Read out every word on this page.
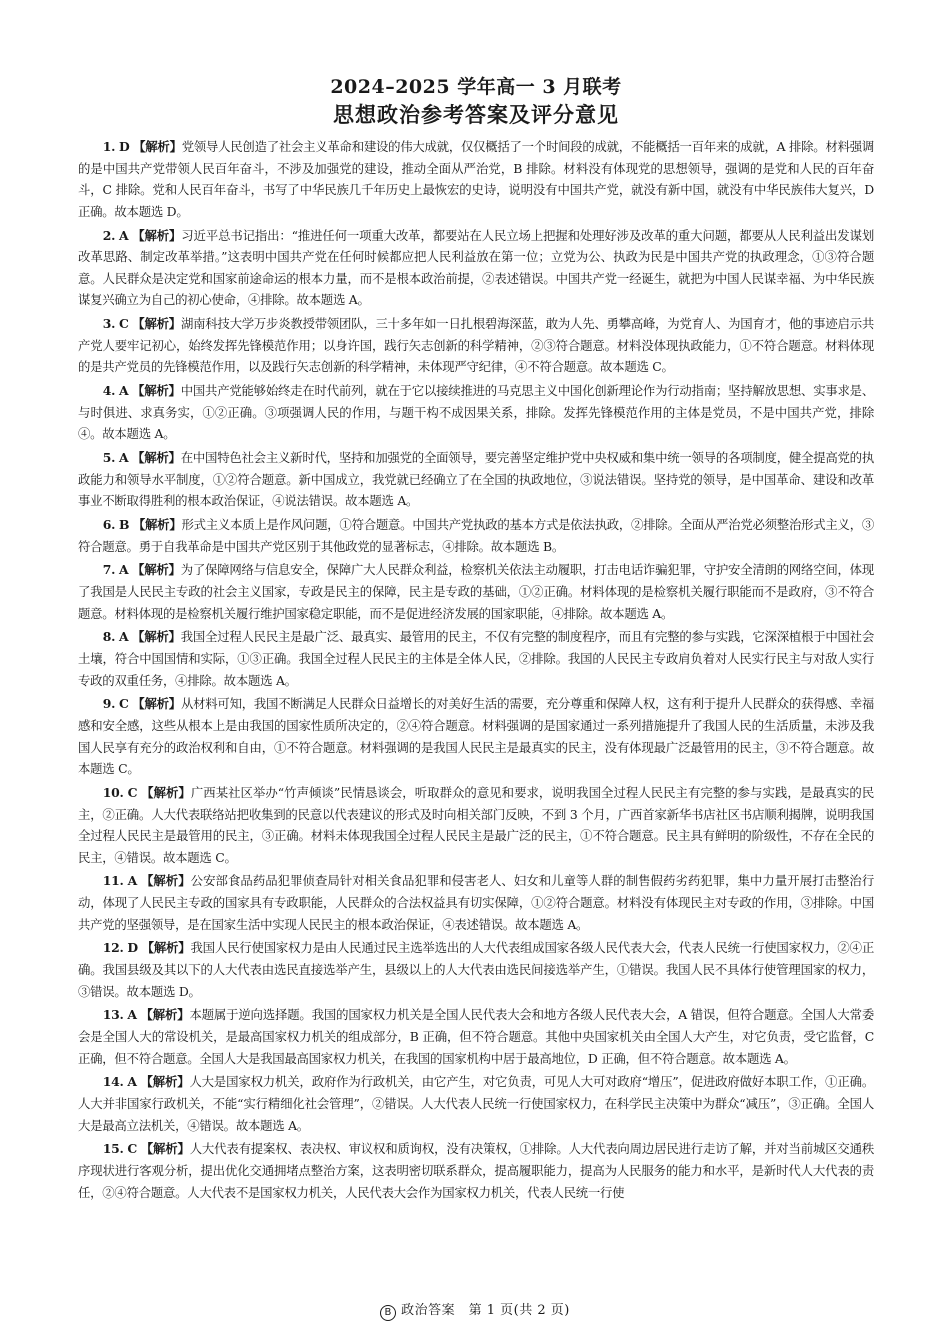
2024–2025 学年高一 3 月联考
思想政治参考答案及评分意见

1. D 【解析】党领导人民创造了社会主义革命和建设的伟大成就，仅仅概括了一个时间段的成就，不能概括一百年来的成就，A 排除。材料强调的是中国共产党带领人民百年奋斗，不涉及加强党的建设，推动全面从严治党，B 排除。材料没有体现党的思想领导，强调的是党和人民的百年奋斗，C 排除。党和人民百年奋斗，书写了中华民族几千年历史上最恢宏的史诗，说明没有中国共产党，就没有新中国，就没有中华民族伟大复兴，D 正确。故本题选 D。

2. A 【解析】习近平总书记指出：“推进任何一项重大改革，都要站在人民立场上把握和处理好涉及改革的重大问题，都要从人民利益出发谋划改革思路、制定改革举措。”这表明中国共产党在任何时候都应把人民利益放在第一位；立党为公、执政为民是中国共产党的执政理念，①③符合题意。人民群众是决定党和国家前途命运的根本力量，而不是根本政治前提，②表述错误。中国共产党一经诞生，就把为中国人民谋幸福、为中华民族谋复兴确立为自己的初心使命，④排除。故本题选 A。

3. C 【解析】湖南科技大学万步炎教授带领团队，三十多年如一日扎根碧海深蓝，敢为人先、勇攀高峰，为党育人、为国育才，他的事迹启示共产党人要牢记初心，始终发挥先锋模范作用；以身许国，践行矢志创新的科学精神，②③符合题意。材料没体现执政能力，①不符合题意。材料体现的是共产党员的先锋模范作用，以及践行矢志创新的科学精神，未体现严守纪律，④不符合题意。故本题选 C。

4. A 【解析】中国共产党能够始终走在时代前列，就在于它以接续推进的马克思主义中国化创新理论作为行动指南；坚持解放思想、实事求是、与时俱进、求真务实，①②正确。③项强调人民的作用，与题干构不成因果关系，排除。发挥先锋模范作用的主体是党员，不是中国共产党，排除④。故本题选 A。

5. A 【解析】在中国特色社会主义新时代，坚持和加强党的全面领导，要完善坚定维护党中央权威和集中统一领导的各项制度，健全提高党的执政能力和领导水平制度，①②符合题意。新中国成立，我党就已经确立了在全国的执政地位，③说法错误。坚持党的领导，是中国革命、建设和改革事业不断取得胜利的根本政治保证，④说法错误。故本题选 A。

6. B 【解析】形式主义本质上是作风问题，①符合题意。中国共产党执政的基本方式是依法执政，②排除。全面从严治党必须整治形式主义，③符合题意。勇于自我革命是中国共产党区别于其他政党的显著标志，④排除。故本题选 B。

7. A 【解析】为了保障网络与信息安全，保障广大人民群众利益，检察机关依法主动履职，打击电话诈骗犯罪，守护安全清朗的网络空间，体现了我国是人民民主专政的社会主义国家，专政是民主的保障，民主是专政的基础，①②正确。材料体现的是检察机关履行职能而不是政府，③不符合题意。材料体现的是检察机关履行维护国家稳定职能，而不是促进经济发展的国家职能，④排除。故本题选 A。

8. A 【解析】我国全过程人民民主是最广泛、最真实、最管用的民主，不仅有完整的制度程序，而且有完整的参与实践，它深深植根于中国社会土壤，符合中国国情和实际，①③正确。我国全过程人民民主的主体是全体人民，②排除。我国的人民民主专政肩负着对人民实行民主与对敌人实行专政的双重任务，④排除。故本题选 A。

9. C 【解析】从材料可知，我国不断满足人民群众日益增长的对美好生活的需要，充分尊重和保障人权，这有利于提升人民群众的获得感、幸福感和安全感，这些从根本上是由我国的国家性质所决定的，②④符合题意。材料强调的是国家通过一系列措施提升了我国人民的生活质量，未涉及我国人民享有充分的政治权利和自由，①不符合题意。材料强调的是我国人民民主是最真实的民主，没有体现最广泛最管用的民主，③不符合题意。故本题选 C。

10. C 【解析】广西某社区举办“竹声倾谈”民情恳谈会，听取群众的意见和要求，说明我国全过程人民民主有完整的参与实践，是最真实的民主，②正确。人大代表联络站把收集到的民意以代表建议的形式及时向相关部门反映，不到 3 个月，广西首家新华书店社区书店顺利揭牌，说明我国全过程人民民主是最管用的民主，③正确。材料未体现我国全过程人民民主是最广泛的民主，①不符合题意。民主具有鲜明的阶级性，不存在全民的民主，④错误。故本题选 C。

11. A 【解析】公安部食品药品犯罪侦查局针对相关食品犯罪和侵害老人、妇女和儿童等人群的制售假药劣药犯罪，集中力量开展打击整治行动，体现了人民民主专政的国家具有专政职能，人民群众的合法权益具有切实保障，①②符合题意。材料没有体现民主对专政的作用，③排除。中国共产党的坚强领导，是在国家生活中实现人民民主的根本政治保证，④表述错误。故本题选 A。

12. D 【解析】我国人民行使国家权力是由人民通过民主选举选出的人大代表组成国家各级人民代表大会，代表人民统一行使国家权力，②④正确。我国县级及其以下的人大代表由选民直接选举产生，县级以上的人大代表由选民间接选举产生，①错误。我国人民不具体行使管理国家的权力，③错误。故本题选 D。

13. A 【解析】本题属于逆向选择题。我国的国家权力机关是全国人民代表大会和地方各级人民代表大会，A 错误，但符合题意。全国人大常委会是全国人大的常设机关，是最高国家权力机关的组成部分，B 正确，但不符合题意。其他中央国家机关由全国人大产生，对它负责，受它监督，C 正确，但不符合题意。全国人大是我国最高国家权力机关，在我国的国家机构中居于最高地位，D 正确，但不符合题意。故本题选 A。

14. A 【解析】人大是国家权力机关，政府作为行政机关，由它产生，对它负责，可见人大可对政府“增压”，促进政府做好本职工作，①正确。人大并非国家行政机关，不能“实行精细化社会管理”，②错误。人大代表人民统一行使国家权力，在科学民主决策中为群众“减压”，③正确。全国人大是最高立法机关，④错误。故本题选 A。

15. C 【解析】人大代表有提案权、表决权、审议权和质询权，没有决策权，①排除。人大代表向周边居民进行走访了解，并对当前城区交通秩序现状进行客观分析，提出优化交通拥堵点整治方案，这表明密切联系群众，提高履职能力，提高为人民服务的能力和水平，是新时代人大代表的责任，②④符合题意。人大代表不是国家权力机关，人民代表大会作为国家权力机关，代表人民统一行使

B 政治答案　第 1 页(共 2 页)
